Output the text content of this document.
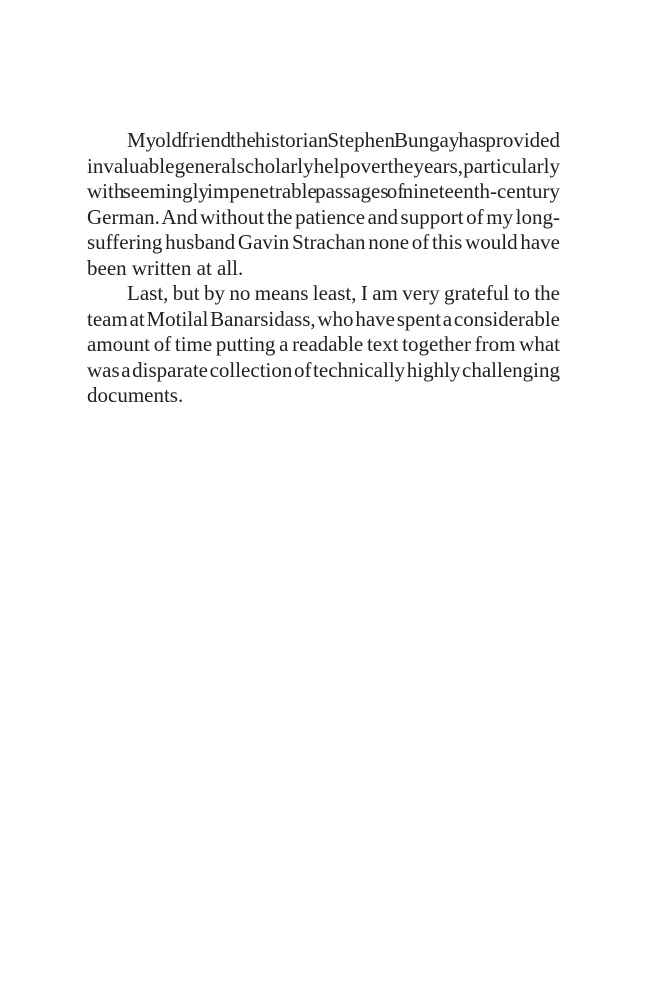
My old friend the historian Stephen Bungay has provided
invaluable general scholarly help over the years, particularly
with seemingly impenetrable passages of nineteenth-century
German. And without the patience and support of my long-
suffering husband Gavin Strachan none of this would have
been written at all.
Last, but by no means least, I am very grateful to the
team at Motilal Banarsidass, who have spent a considerable
amount of time putting a readable text together from what
was a disparate collection of technically highly challenging
documents.
